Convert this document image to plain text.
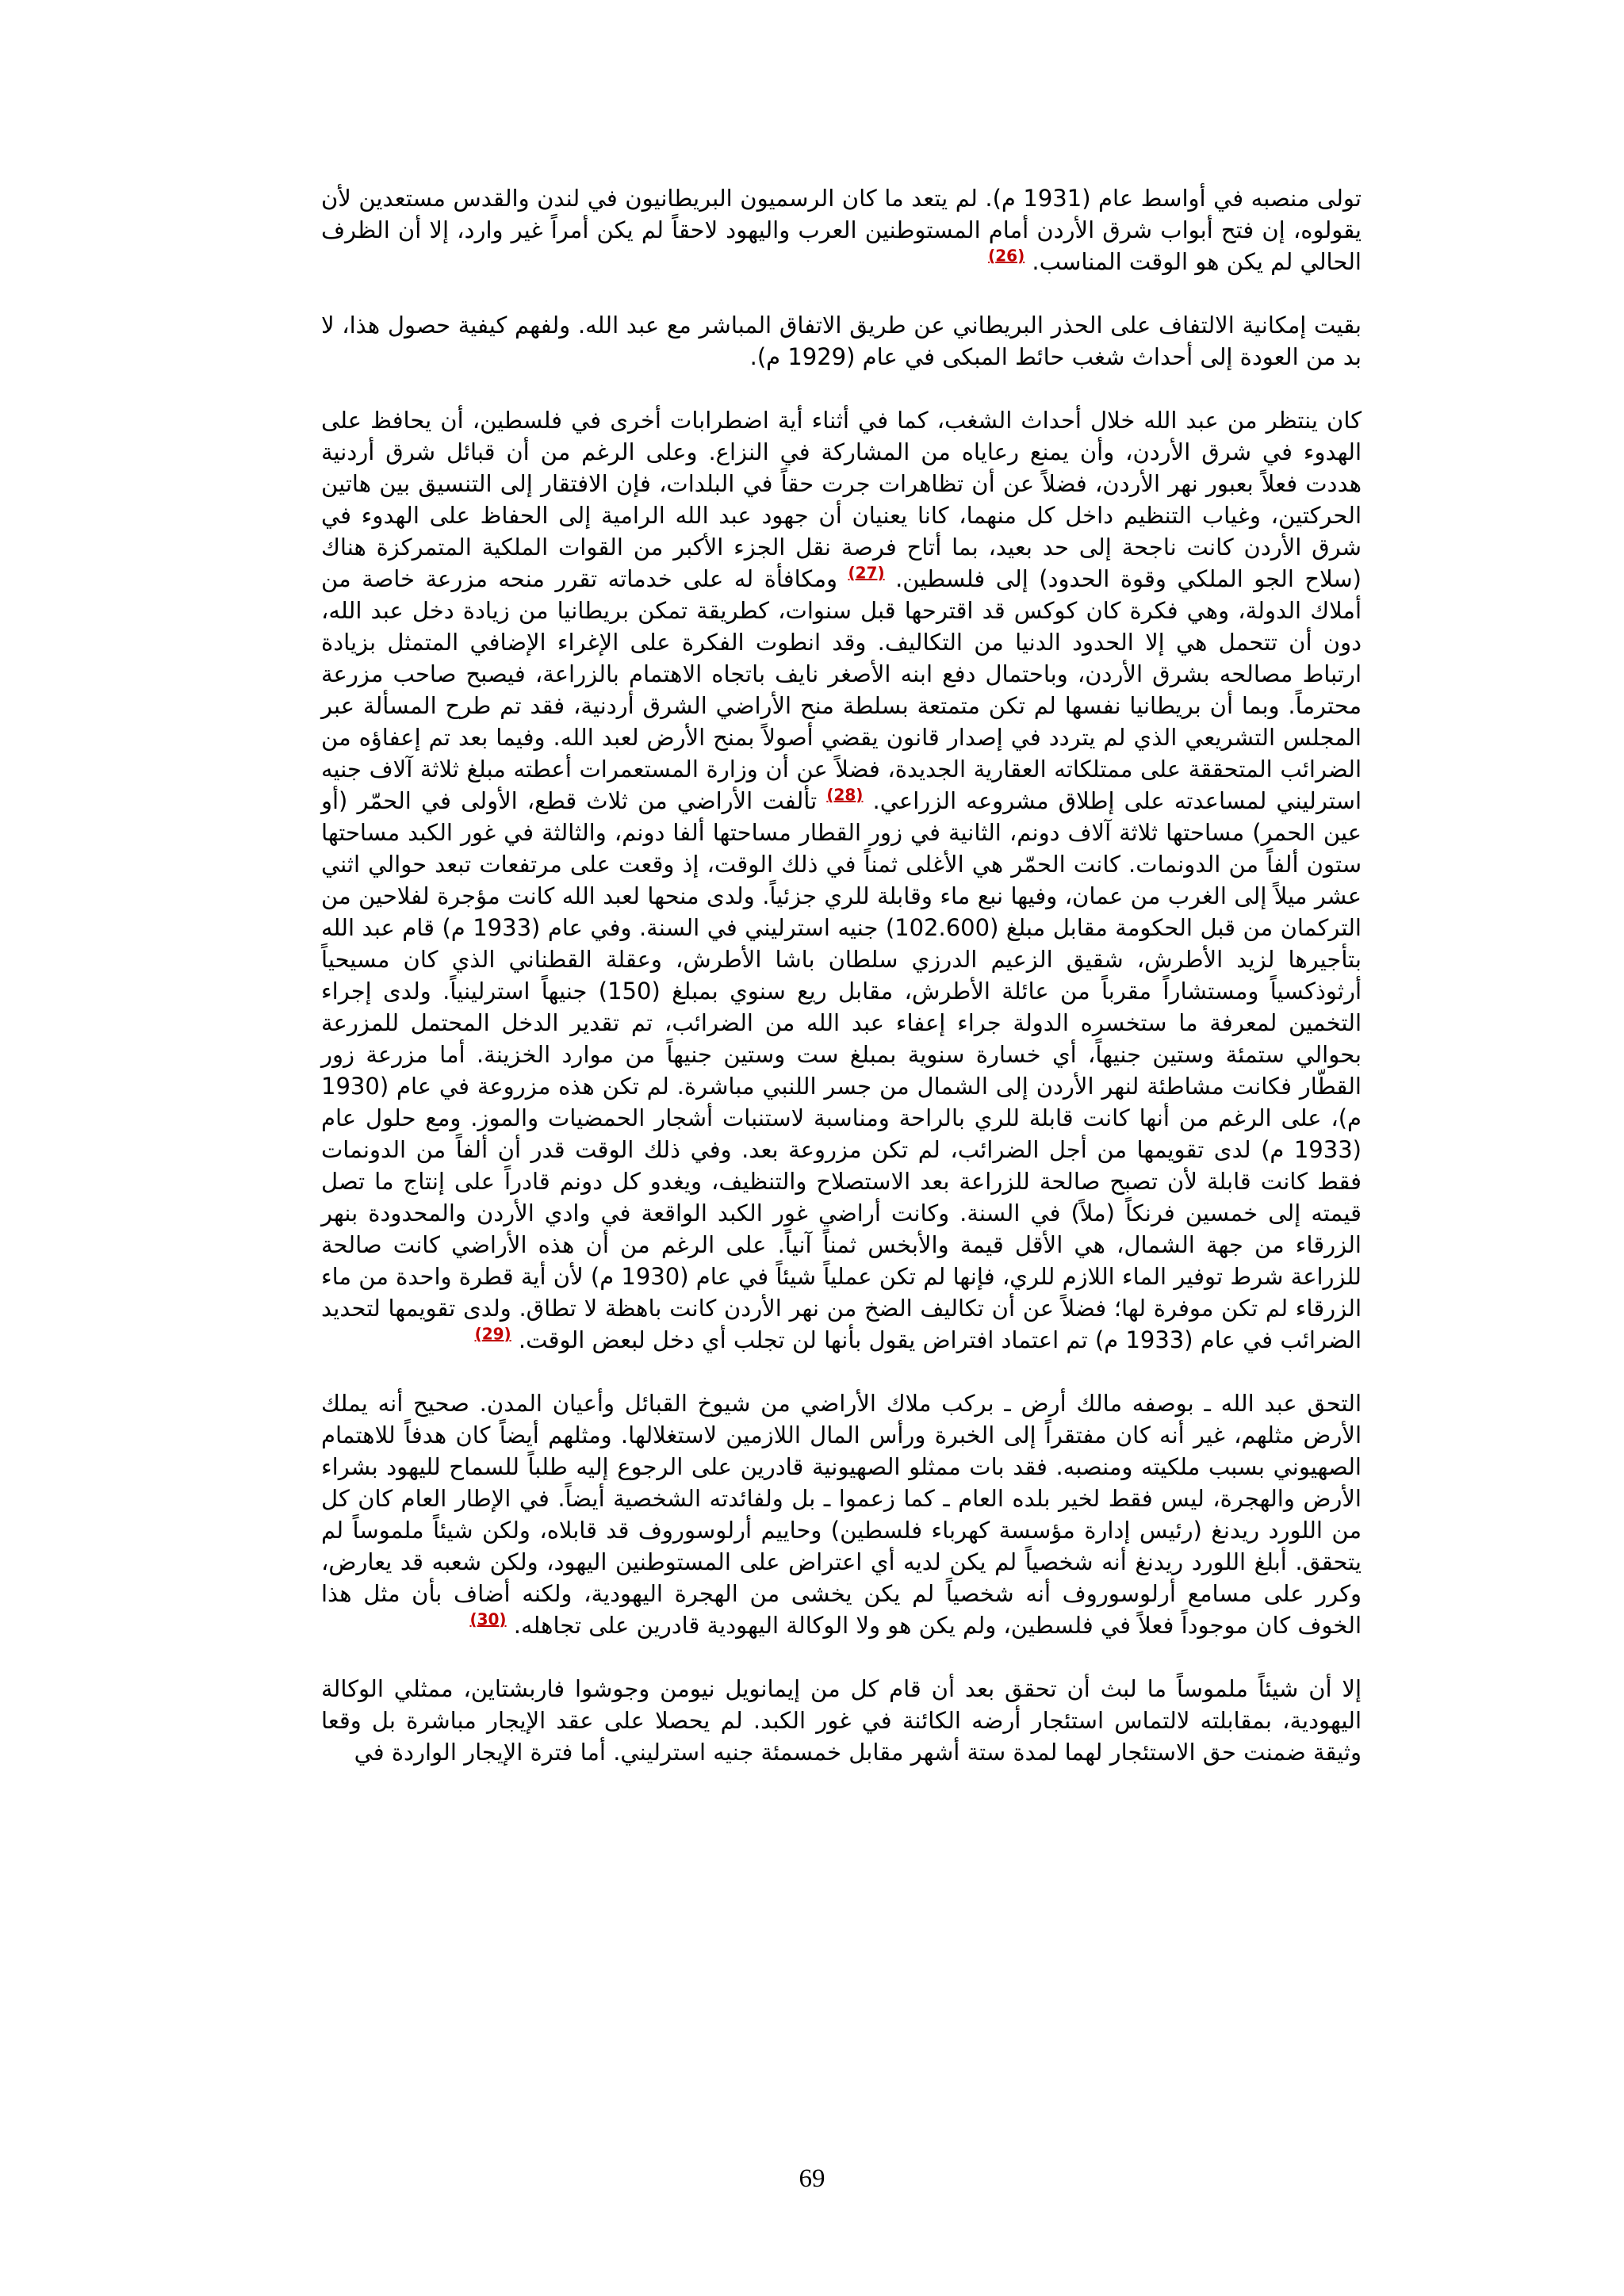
تولى منصبه في أواسط عام (1931 م). لم يتعد ما كان الرسميون البريطانيون في لندن والقدس مستعدين لأن يقولوه، إن فتح أبواب شرق الأردن أمام المستوطنين العرب واليهود لاحقاً لم يكن أمراً غير وارد، إلا أن الظرف الحالي لم يكن هو الوقت المناسب. $^{(26)}$

بقيت إمكانية الالتفاف على الحذر البريطاني عن طريق الاتفاق المباشر مع عبد الله. ولفهم كيفية حصول هذا، لا بد من العودة إلى أحداث شغب حائط المبكى في عام (1929 م).

كان ينتظر من عبد الله خلال أحداث الشغب، كما في أثناء أية اضطرابات أخرى في فلسطين، أن يحافظ على الهدوء في شرق الأردن، وأن يمنع رعاياه من المشاركة في النزاع. وعلى الرغم من أن قبائل شرق أردنية هددت فعلاً بعبور نهر الأردن، فضلاً عن أن تظاهرات جرت حقاً في البلدات، فإن الافتقار إلى التنسيق بين هاتين الحركتين، وغياب التنظيم داخل كل منهما، كانا يعنيان أن جهود عبد الله الرامية إلى الحفاظ على الهدوء في شرق الأردن كانت ناجحة إلى حد بعيد، بما أتاح فرصة نقل الجزء الأكبر من القوات الملكية المتمركزة هناك (سلاح الجو الملكي وقوة الحدود) إلى فلسطين. $^{(27)}$ ومكافأة له على خدماته تقرر منحه مزرعة خاصة من أملاك الدولة، وهي فكرة كان كوكس قد اقترحها قبل سنوات، كطريقة تمكن بريطانيا من زيادة دخل عبد الله، دون أن تتحمل هي إلا الحدود الدنيا من التكاليف. وقد انطوت الفكرة على الإغراء الإضافي المتمثل بزيادة ارتباط مصالحه بشرق الأردن، وباحتمال دفع ابنه الأصغر نايف باتجاه الاهتمام بالزراعة، فيصبح صاحب مزرعة محترماً. وبما أن بريطانيا نفسها لم تكن متمتعة بسلطة منح الأراضي الشرق أردنية، فقد تم طرح المسألة عبر المجلس التشريعي الذي لم يتردد في إصدار قانون يقضي أصولاً بمنح الأرض لعبد الله. وفيما بعد تم إعفاؤه من الضرائب المتحققة على ممتلكاته العقارية الجديدة، فضلاً عن أن وزارة المستعمرات أعطته مبلغ ثلاثة آلاف جنيه استرليني لمساعدته على إطلاق مشروعه الزراعي. $^{(28)}$ تألفت الأراضي من ثلاث قطع، الأولى في الحمّر (أو عين الحمر) مساحتها ثلاثة آلاف دونم، الثانية في زور القطار مساحتها ألفا دونم، والثالثة في غور الكبد مساحتها ستون ألفاً من الدونمات. كانت الحمّر هي الأغلى ثمناً في ذلك الوقت، إذ وقعت على مرتفعات تبعد حوالي اثني عشر ميلاً إلى الغرب من عمان، وفيها نبع ماء وقابلة للري جزئياً. ولدى منحها لعبد الله كانت مؤجرة لفلاحين من التركمان من قبل الحكومة مقابل مبلغ (102.600) جنيه استرليني في السنة. وفي عام (1933 م) قام عبد الله بتأجيرها لزيد الأطرش، شقيق الزعيم الدرزي سلطان باشا الأطرش، وعقلة القطناني الذي كان مسيحياً أرثوذكسياً ومستشاراً مقرباً من عائلة الأطرش، مقابل ريع سنوي بمبلغ (150) جنيهاً استرلينياً. ولدى إجراء التخمين لمعرفة ما ستخسره الدولة جراء إعفاء عبد الله من الضرائب، تم تقدير الدخل المحتمل للمزرعة بحوالي ستمئة وستين جنيهاً، أي خسارة سنوية بمبلغ ست وستين جنيهاً من موارد الخزينة. أما مزرعة زور القطّار فكانت مشاطئة لنهر الأردن إلى الشمال من جسر اللنبي مباشرة. لم تكن هذه مزروعة في عام (1930 م)، على الرغم من أنها كانت قابلة للري بالراحة ومناسبة لاستنبات أشجار الحمضيات والموز. ومع حلول عام (1933 م) لدى تقويمها من أجل الضرائب، لم تكن مزروعة بعد. وفي ذلك الوقت قدر أن ألفاً من الدونمات فقط كانت قابلة لأن تصبح صالحة للزراعة بعد الاستصلاح والتنظيف، ويغدو كل دونم قادراً على إنتاج ما تصل قيمته إلى خمسين فرنكاً (ملاً) في السنة. وكانت أراضي غور الكبد الواقعة في وادي الأردن والمحدودة بنهر الزرقاء من جهة الشمال، هي الأقل قيمة والأبخس ثمناً آنياً. على الرغم من أن هذه الأراضي كانت صالحة للزراعة شرط توفير الماء اللازم للري، فإنها لم تكن عملياً شيئاً في عام (1930 م) لأن أية قطرة واحدة من ماء الزرقاء لم تكن موفرة لها؛ فضلاً عن أن تكاليف الضخ من نهر الأردن كانت باهظة لا تطاق. ولدى تقويمها لتحديد الضرائب في عام (1933 م) تم اعتماد افتراض يقول بأنها لن تجلب أي دخل لبعض الوقت. $^{(29)}$

التحق عبد الله ـ بوصفه مالك أرض ـ بركب ملاك الأراضي من شيوخ القبائل وأعيان المدن. صحيح أنه يملك الأرض مثلهم، غير أنه كان مفتقراً إلى الخبرة ورأس المال اللازمين لاستغلالها. ومثلهم أيضاً كان هدفاً للاهتمام الصهيوني بسبب ملكيته ومنصبه. فقد بات ممثلو الصهيونية قادرين على الرجوع إليه طلباً للسماح لليهود بشراء الأرض والهجرة، ليس فقط لخير بلده العام ـ كما زعموا ـ بل ولفائدته الشخصية أيضاً. في الإطار العام كان كل من اللورد ريدنغ (رئيس إدارة مؤسسة كهرباء فلسطين) وحاييم أرلوسوروف قد قابلاه، ولكن شيئاً ملموساً لم يتحقق. أبلغ اللورد ريدنغ أنه شخصياً لم يكن لديه أي اعتراض على المستوطنين اليهود، ولكن شعبه قد يعارض، وكرر على مسامع أرلوسوروف أنه شخصياً لم يكن يخشى من الهجرة اليهودية، ولكنه أضاف بأن مثل هذا الخوف كان موجوداً فعلاً في فلسطين، ولم يكن هو ولا الوكالة اليهودية قادرين على تجاهله. $^{(30)}$

إلا أن شيئاً ملموساً ما لبث أن تحقق بعد أن قام كل من إيمانويل نيومن وجوشوا فاربشتاين، ممثلي الوكالة اليهودية، بمقابلته لالتماس استئجار أرضه الكائنة في غور الكبد. لم يحصلا على عقد الإيجار مباشرة بل وقعا وثيقة ضمنت حق الاستئجار لهما لمدة ستة أشهر مقابل خمسمئة جنيه استرليني. أما فترة الإيجار الواردة في

69
